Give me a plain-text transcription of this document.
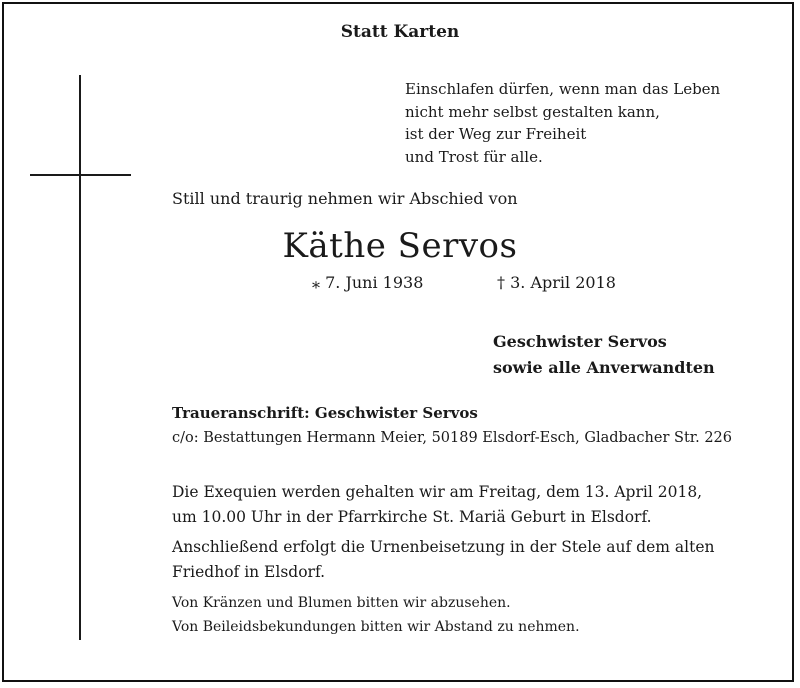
Statt Karten

Einschlafen dürfen, wenn man das Leben
nicht mehr selbst gestalten kann,
ist der Weg zur Freiheit
und Trost für alle.

Still und traurig nehmen wir Abschied von

Käthe Servos

⁎ 7. Juni 1938	† 3. April 2018

Geschwister Servos
sowie alle Anverwandten

Traueranschrift: Geschwister Servos

c/o: Bestattungen Hermann Meier, 50189 Elsdorf-Esch, Gladbacher Str. 226

Die Exequien werden gehalten wir am Freitag, dem 13. April 2018,
um 10.00 Uhr in der Pfarrkirche St. Mariä Geburt in Elsdorf.
Anschließend erfolgt die Urnenbeisetzung in der Stele auf dem alten
Friedhof in Elsdorf.

Von Kränzen und Blumen bitten wir abzusehen.

Von Beileidsbekundungen bitten wir Abstand zu nehmen.
